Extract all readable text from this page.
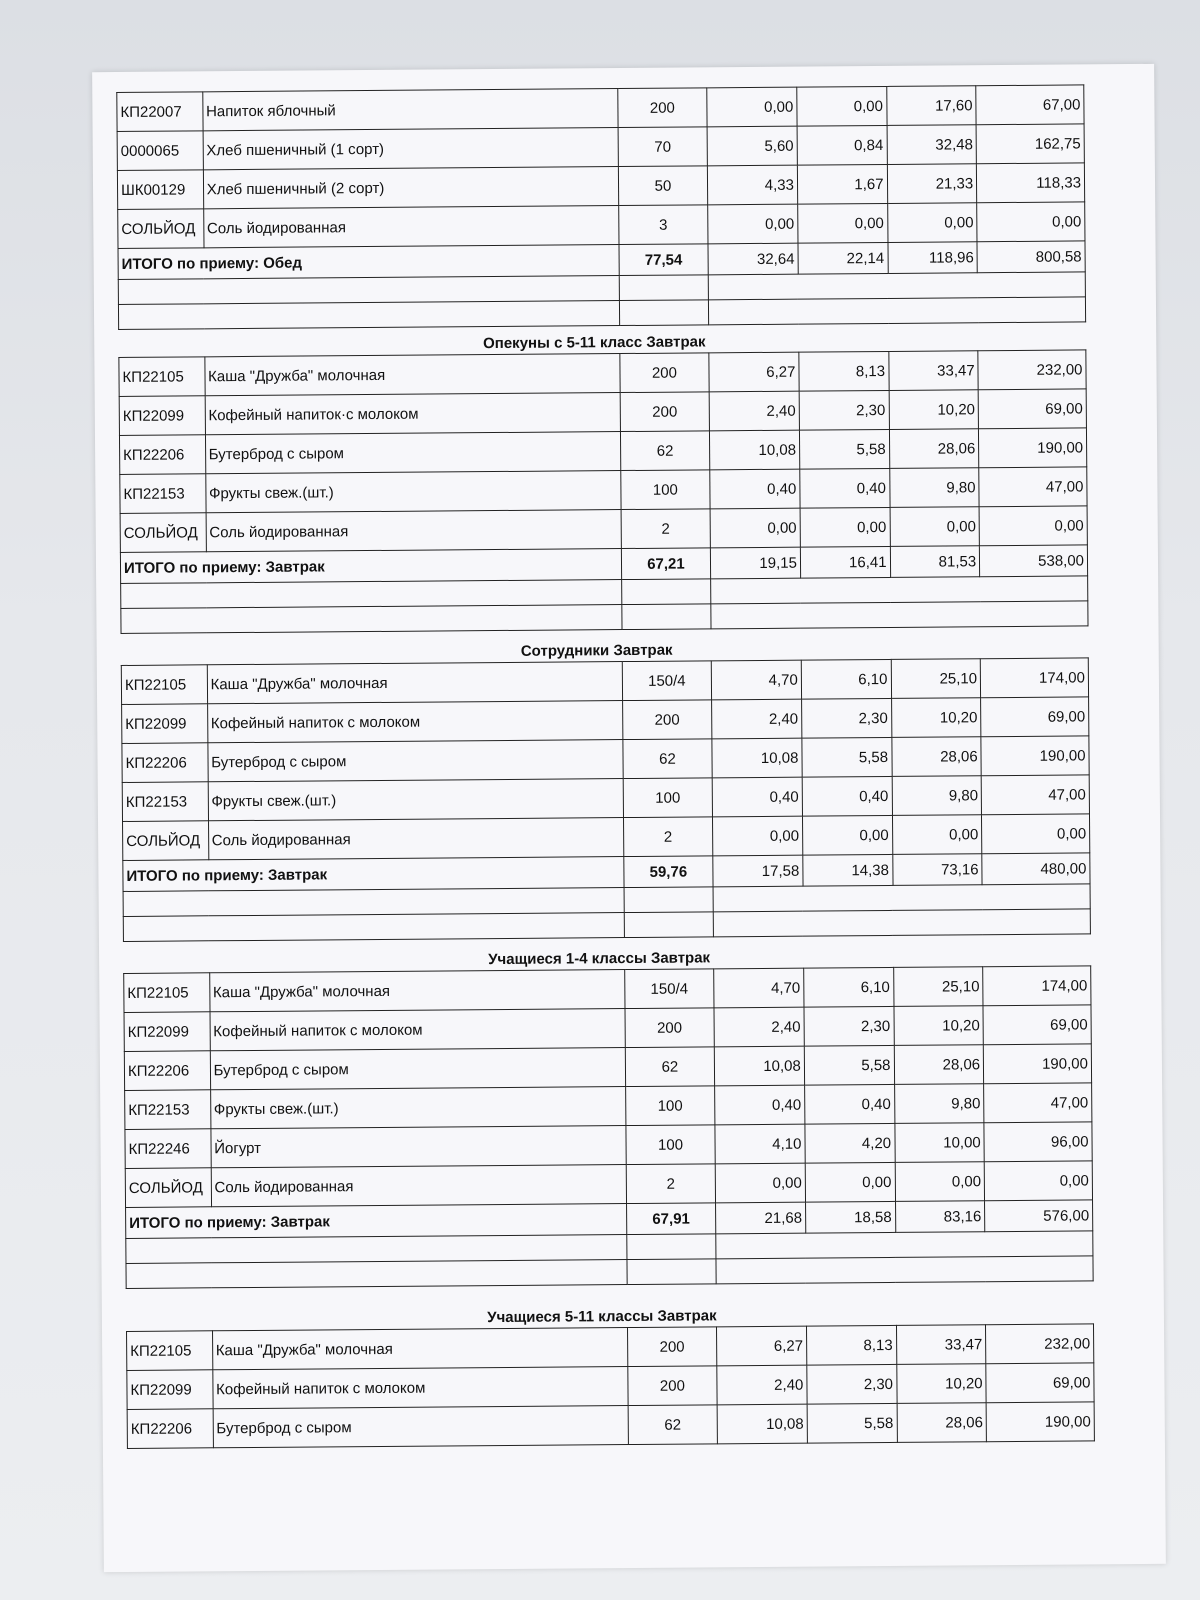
КП22007	Напиток яблочный	200	0,00	0,00	17,60	67,00
0000065	Хлеб пшеничный (1 сорт)	70	5,60	0,84	32,48	162,75
ШК00129	Хлеб пшеничный (2 сорт)	50	4,33	1,67	21,33	118,33
СОЛЬЙОД	Соль йодированная	3	0,00	0,00	0,00	0,00
ИТОГО по приему: Обед		77,54	32,64	22,14	118,96	800,58

Опекуны с 5-11 класс Завтрак
КП22105	Каша "Дружба" молочная	200	6,27	8,13	33,47	232,00
КП22099	Кофейный напиток·с молоком	200	2,40	2,30	10,20	69,00
КП22206	Бутерброд с сыром	62	10,08	5,58	28,06	190,00
КП22153	Фрукты свеж.(шт.)	100	0,40	0,40	9,80	47,00
СОЛЬЙОД	Соль йодированная	2	0,00	0,00	0,00	0,00
ИТОГО по приему: Завтрак		67,21	19,15	16,41	81,53	538,00

Сотрудники Завтрак
КП22105	Каша "Дружба" молочная	150/4	4,70	6,10	25,10	174,00
КП22099	Кофейный напиток с молоком	200	2,40	2,30	10,20	69,00
КП22206	Бутерброд с сыром	62	10,08	5,58	28,06	190,00
КП22153	Фрукты свеж.(шт.)	100	0,40	0,40	9,80	47,00
СОЛЬЙОД	Соль йодированная	2	0,00	0,00	0,00	0,00
ИТОГО по приему: Завтрак		59,76	17,58	14,38	73,16	480,00

Учащиеся 1-4 классы Завтрак
КП22105	Каша "Дружба" молочная	150/4	4,70	6,10	25,10	174,00
КП22099	Кофейный напиток с молоком	200	2,40	2,30	10,20	69,00
КП22206	Бутерброд с сыром	62	10,08	5,58	28,06	190,00
КП22153	Фрукты свеж.(шт.)	100	0,40	0,40	9,80	47,00
КП22246	Йогурт	100	4,10	4,20	10,00	96,00
СОЛЬЙОД	Соль йодированная	2	0,00	0,00	0,00	0,00
ИТОГО по приему: Завтрак		67,91	21,68	18,58	83,16	576,00

Учащиеся 5-11 классы Завтрак
КП22105	Каша "Дружба" молочная	200	6,27	8,13	33,47	232,00
КП22099	Кофейный напиток с молоком	200	2,40	2,30	10,20	69,00
КП22206	Бутерброд с сыром	62	10,08	5,58	28,06	190,00
